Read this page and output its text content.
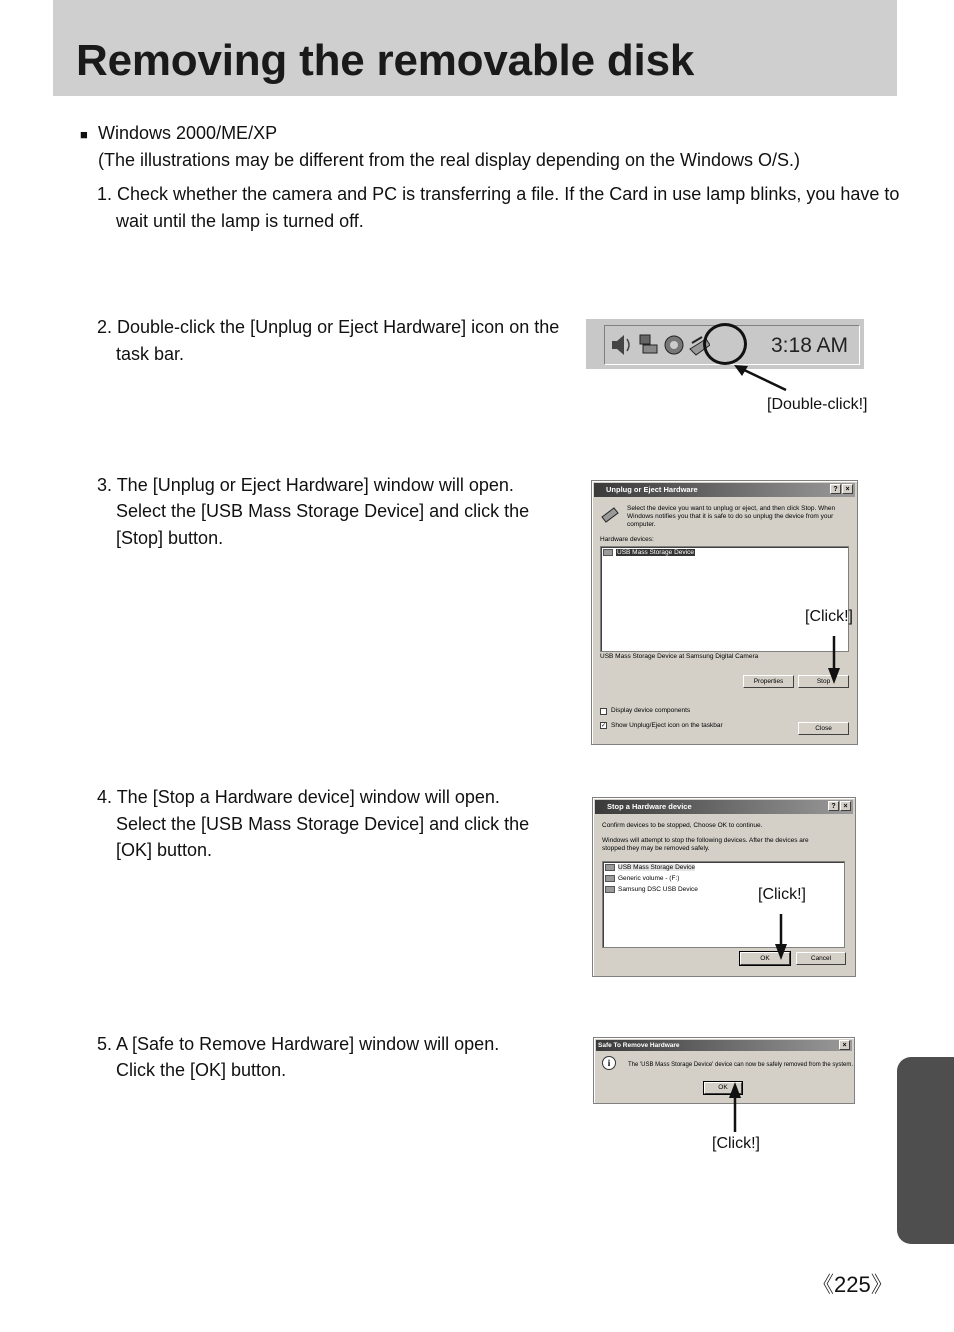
Removing the removable disk
■ Windows 2000/ME/XP
(The illustrations may be different from the real display depending on the Windows O/S.)
1. Check whether the camera and PC is transferring a file. If the Card in use lamp blinks, you have to
wait until the lamp is turned off.
2. Double-click the [Unplug or Eject Hardware] icon on the
task bar.	3:18 AM
[Double-click!]
3. The [Unplug or Eject Hardware] window will open.
Select the [USB Mass Storage Device] and click the
[Stop] button.
Unplug or Eject Hardware	?	×
Select the device you want to unplug or eject, and then click Stop. When
Windows notifies you that it is safe to do so unplug the device from your
computer.
Hardware devices:
USB Mass Storage Device
USB Mass Storage Device at Samsung Digital Camera
Properties	Stop
Display device components
✓ Show Unplug/Eject icon on the taskbar	Close
[Click!]
4. The [Stop a Hardware device] window will open.
Select the [USB Mass Storage Device] and click the
[OK] button.
Stop a Hardware device	?	×
Confirm devices to be stopped, Choose OK to continue.
Windows will attempt to stop the following devices. After the devices are
stopped they may be removed safely.
USB Mass Storage Device
Generic volume - (F:)
Samsung DSC USB Device
OK	Cancel
[Click!]
5. A [Safe to Remove Hardware] window will open.
Click the [OK] button.
Safe To Remove Hardware	×
i	The 'USB Mass Storage Device' device can now be safely removed from the system.
OK
[Click!]
《225》
